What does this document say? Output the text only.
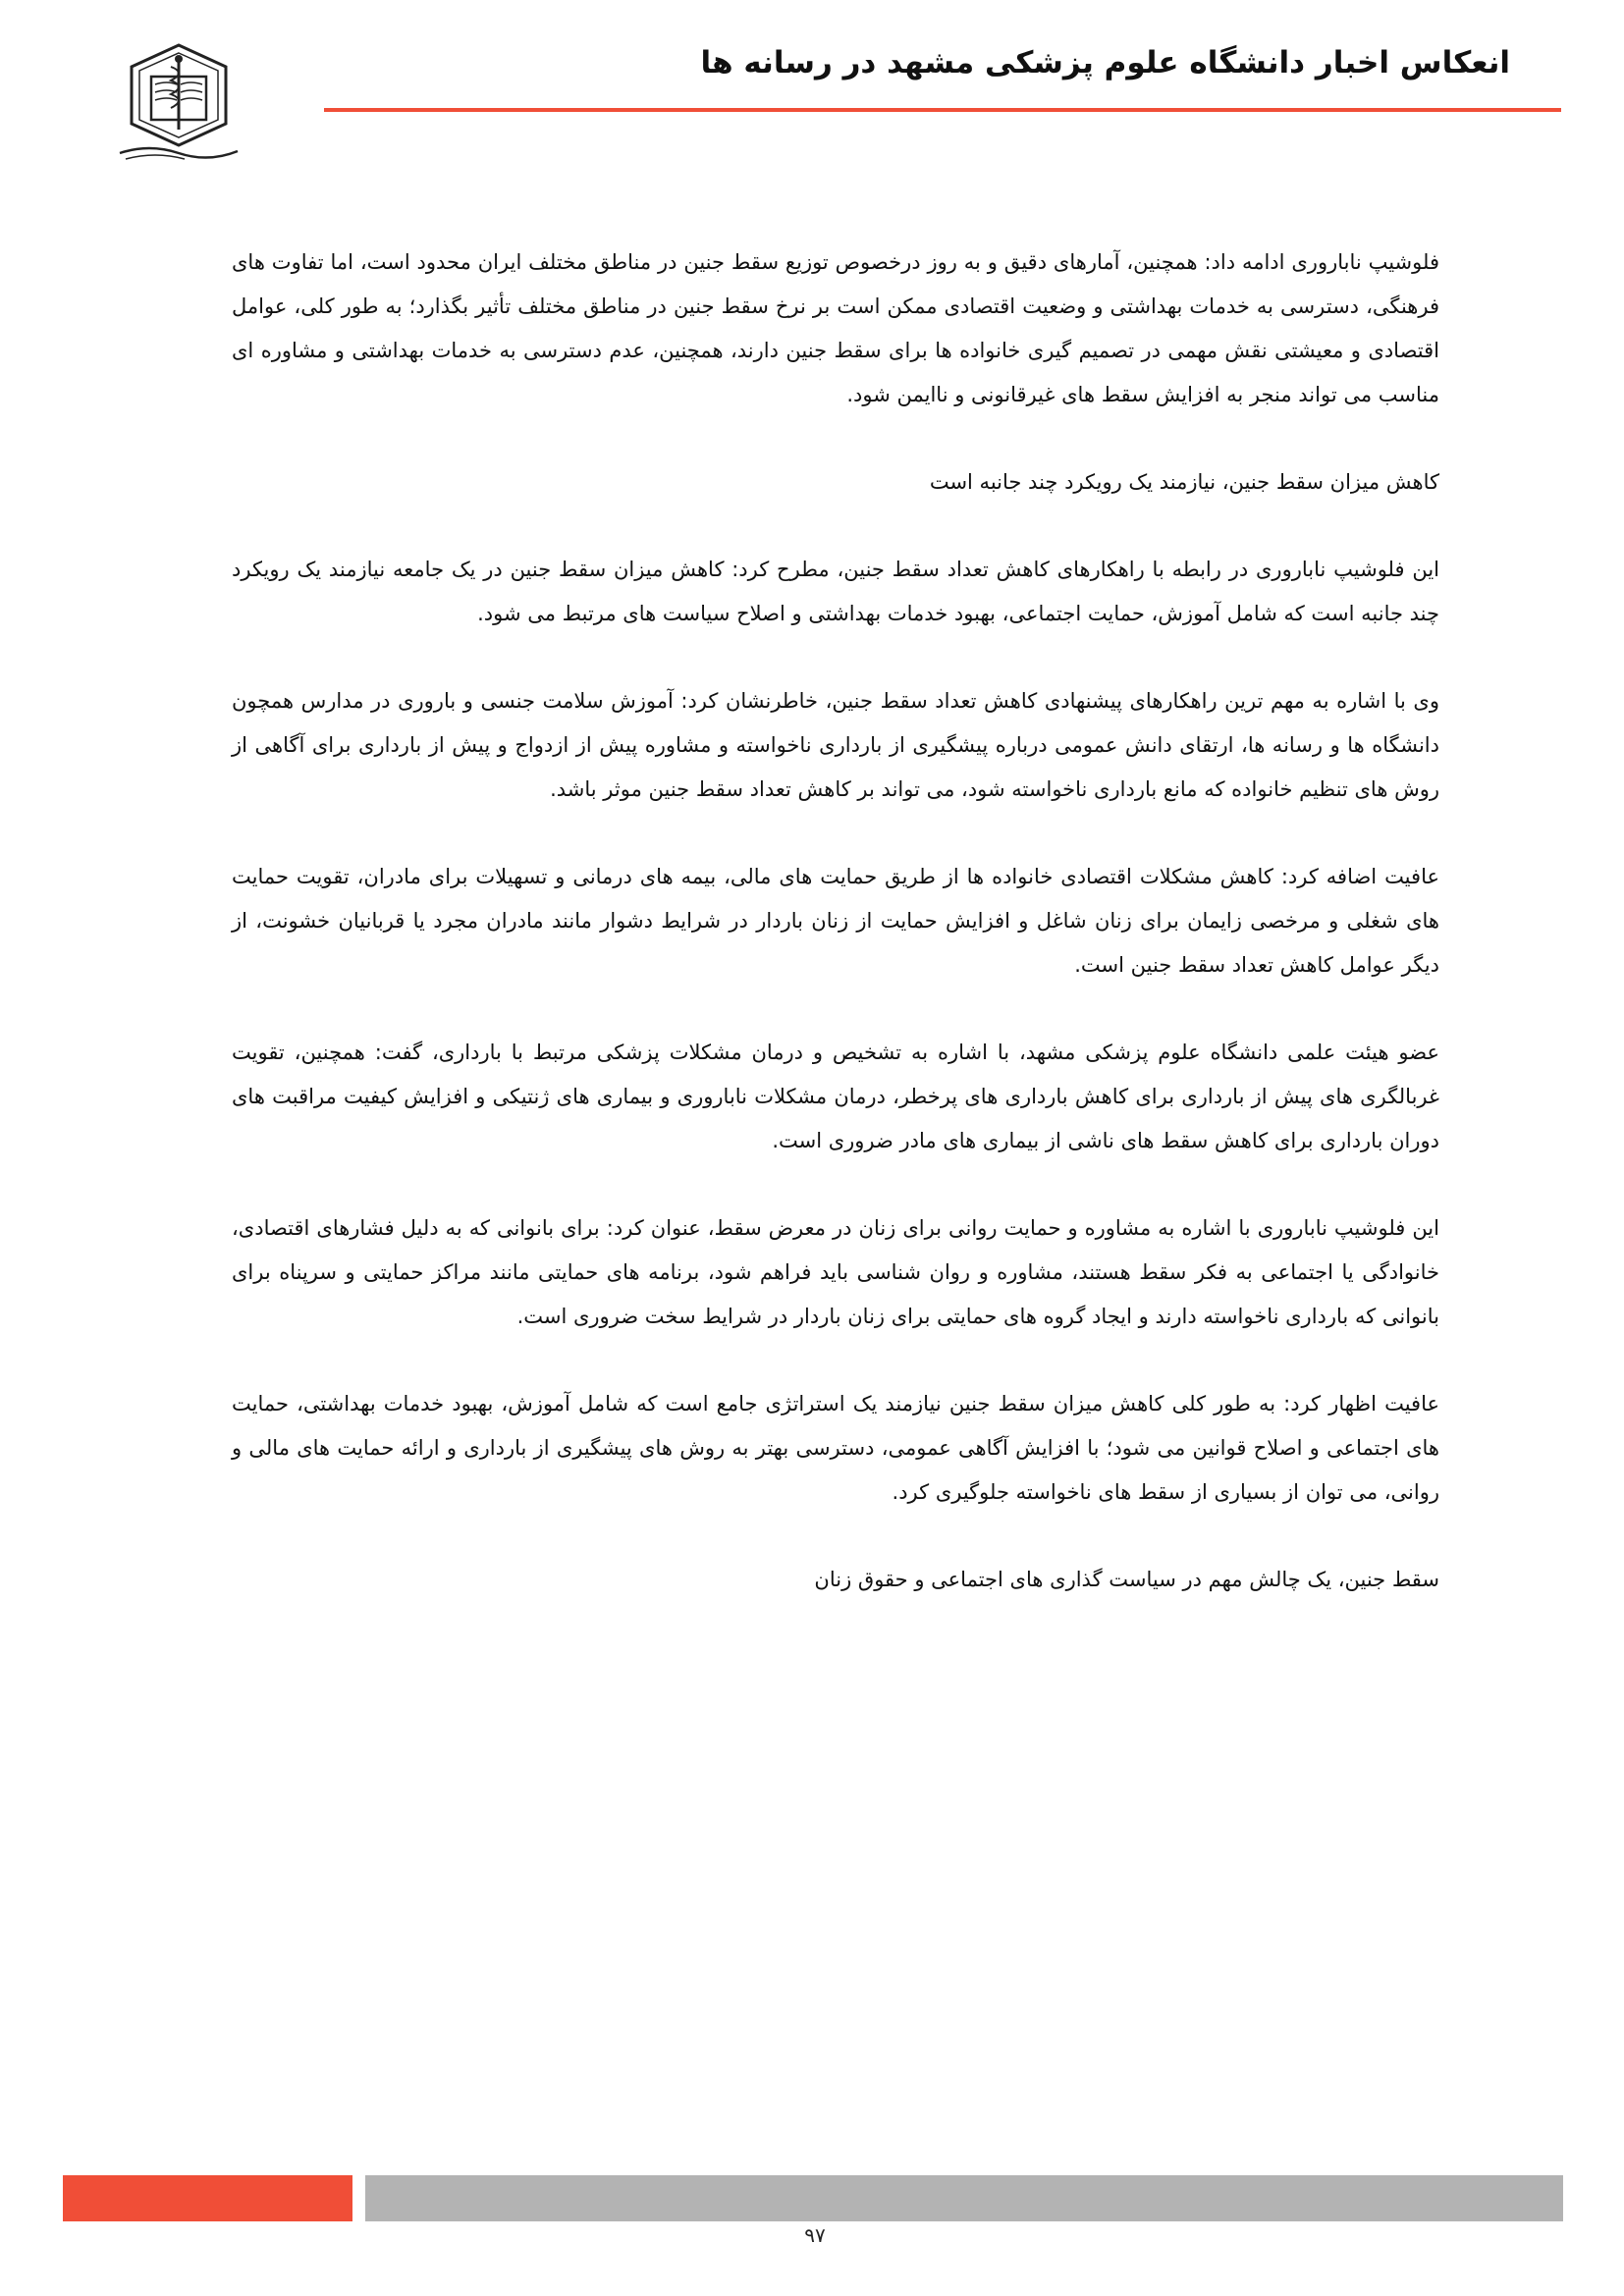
انعکاس اخبار دانشگاه علوم پزشکی مشهد در رسانه ها

فلوشیپ ناباروری ادامه داد: همچنین، آمارهای دقیق و به روز درخصوص توزیع سقط جنین در مناطق مختلف ایران محدود است، اما تفاوت های فرهنگی، دسترسی به خدمات بهداشتی و وضعیت اقتصادی ممکن است بر نرخ سقط جنین در مناطق مختلف تأثیر بگذارد؛ به طور کلی، عوامل اقتصادی و معیشتی نقش مهمی در تصمیم گیری خانواده ها برای سقط جنین دارند، همچنین، عدم دسترسی به خدمات بهداشتی و مشاوره ای مناسب می تواند منجر به افزایش سقط های غیرقانونی و ناایمن شود.

کاهش میزان سقط جنین، نیازمند یک رویکرد چند جانبه است

این فلوشیپ ناباروری در رابطه با راهکارهای کاهش تعداد سقط جنین، مطرح کرد: کاهش میزان سقط جنین در یک جامعه نیازمند یک رویکرد چند جانبه است که شامل آموزش، حمایت اجتماعی، بهبود خدمات بهداشتی و اصلاح سیاست های مرتبط می شود.

وی با اشاره به مهم ترین راهکارهای پیشنهادی کاهش تعداد سقط جنین، خاطرنشان کرد: آموزش سلامت جنسی و باروری در مدارس همچون دانشگاه ها و رسانه ها، ارتقای دانش عمومی درباره پیشگیری از بارداری ناخواسته و مشاوره پیش از ازدواج و پیش از بارداری برای آگاهی از روش های تنظیم خانواده که مانع بارداری ناخواسته شود، می تواند بر کاهش تعداد سقط جنین موثر باشد.

عافیت اضافه کرد: کاهش مشکلات اقتصادی خانواده ها از طریق حمایت های مالی، بیمه های درمانی و تسهیلات برای مادران، تقویت حمایت های شغلی و مرخصی زایمان برای زنان شاغل و افزایش حمایت از زنان باردار در شرایط دشوار مانند مادران مجرد یا قربانیان خشونت، از دیگر عوامل کاهش تعداد سقط جنین است.

عضو هیئت علمی دانشگاه علوم پزشکی مشهد، با اشاره به تشخیص و درمان مشکلات پزشکی مرتبط با بارداری، گفت: همچنین، تقویت غربالگری های پیش از بارداری برای کاهش بارداری های پرخطر، درمان مشکلات ناباروری و بیماری های ژنتیکی و افزایش کیفیت مراقبت های دوران بارداری برای کاهش سقط های ناشی از بیماری های مادر ضروری است.

این فلوشیپ ناباروری با اشاره به مشاوره و حمایت روانی برای زنان در معرض سقط، عنوان کرد: برای بانوانی که به دلیل فشارهای اقتصادی، خانوادگی یا اجتماعی به فکر سقط هستند، مشاوره و روان شناسی باید فراهم شود، برنامه های حمایتی مانند مراکز حمایتی و سرپناه برای بانوانی که بارداری ناخواسته دارند و ایجاد گروه های حمایتی برای زنان باردار در شرایط سخت ضروری است.

عافیت اظهار کرد: به طور کلی کاهش میزان سقط جنین نیازمند یک استراتژی جامع است که شامل آموزش، بهبود خدمات بهداشتی، حمایت های اجتماعی و اصلاح قوانین می شود؛ با افزایش آگاهی عمومی، دسترسی بهتر به روش های پیشگیری از بارداری و ارائه حمایت های مالی و روانی، می توان از بسیاری از سقط های ناخواسته جلوگیری کرد.

سقط جنین، یک چالش مهم در سیاست گذاری های اجتماعی و حقوق زنان

۹۷
